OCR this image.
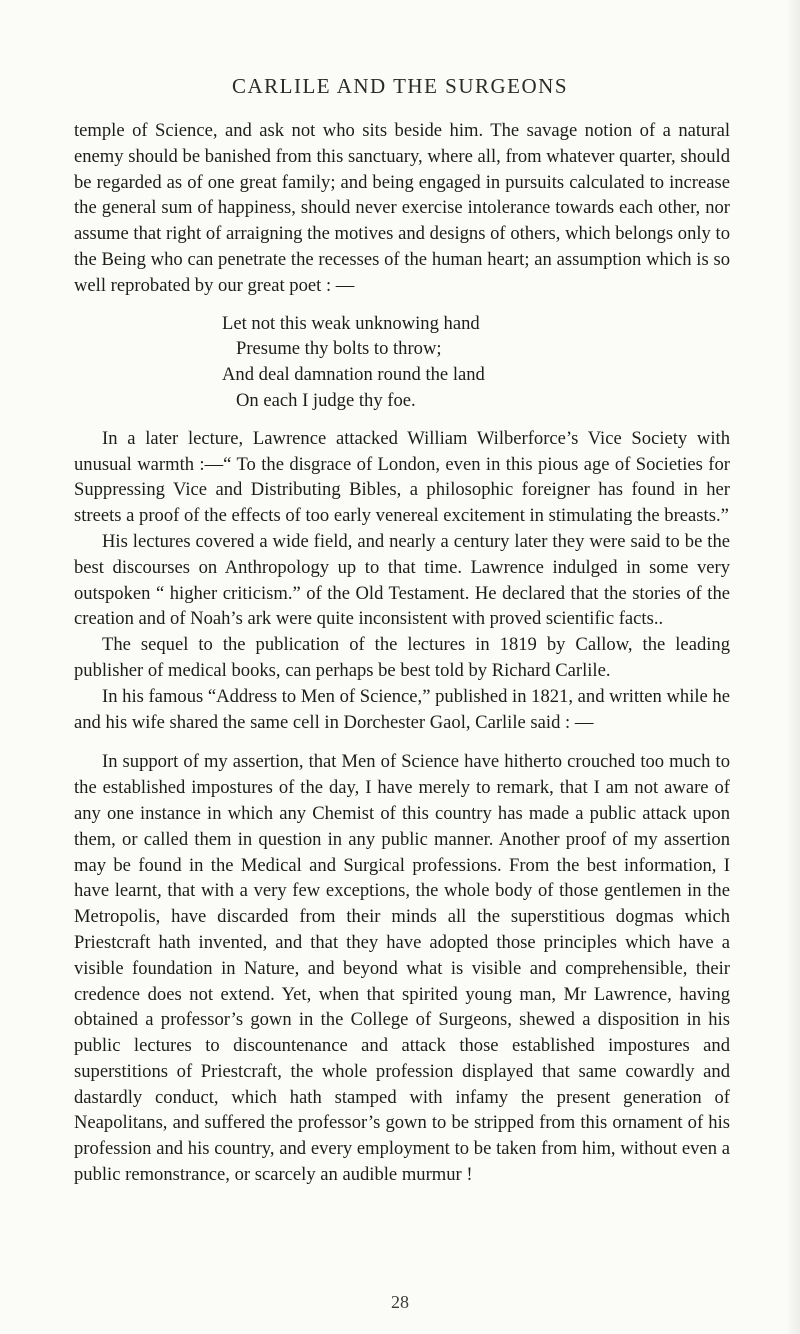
CARLILE AND THE SURGEONS

temple of Science, and ask not who sits beside him. The savage notion of a natural enemy should be banished from this sanctuary, where all, from whatever quarter, should be regarded as of one great family; and being engaged in pursuits calculated to increase the general sum of happiness, should never exercise intolerance towards each other, nor assume that right of arraigning the motives and designs of others, which belongs only to the Being who can penetrate the recesses of the human heart; an assumption which is so well reprobated by our great poet : —

Let not this weak unknowing hand
Presume thy bolts to throw;
And deal damnation round the land
On each I judge thy foe.

In a later lecture, Lawrence attacked William Wilberforce’s Vice Society with unusual warmth :—“ To the disgrace of London, even in this pious age of Societies for Suppressing Vice and Distributing Bibles, a philosophic foreigner has found in her streets a proof of the effects of too early venereal excitement in stimulating the breasts.”

His lectures covered a wide field, and nearly a century later they were said to be the best discourses on Anthropology up to that time. Lawrence indulged in some very outspoken “ higher criticism.” of the Old Testament. He declared that the stories of the creation and of Noah’s ark were quite inconsistent with proved scientific facts..

The sequel to the publication of the lectures in 1819 by Callow, the leading publisher of medical books, can perhaps be best told by Richard Carlile.

In his famous “Address to Men of Science,” published in 1821, and written while he and his wife shared the same cell in Dorchester Gaol, Carlile said : —

In support of my assertion, that Men of Science have hitherto crouched too much to the established impostures of the day, I have merely to remark, that I am not aware of any one instance in which any Chemist of this country has made a public attack upon them, or called them in question in any public manner. Another proof of my assertion may be found in the Medical and Surgical professions. From the best information, I have learnt, that with a very few exceptions, the whole body of those gentlemen in the Metropolis, have discarded from their minds all the superstitious dogmas which Priestcraft hath invented, and that they have adopted those principles which have a visible foundation in Nature, and beyond what is visible and comprehensible, their credence does not extend. Yet, when that spirited young man, Mr Lawrence, having obtained a professor’s gown in the College of Surgeons, shewed a disposition in his public lectures to discountenance and attack those established impostures and superstitions of Priestcraft, the whole profession displayed that same cowardly and dastardly conduct, which hath stamped with infamy the present generation of Neapolitans, and suffered the professor’s gown to be stripped from this ornament of his profession and his country, and every employment to be taken from him, without even a public remonstrance, or scarcely an audible murmur !

28
